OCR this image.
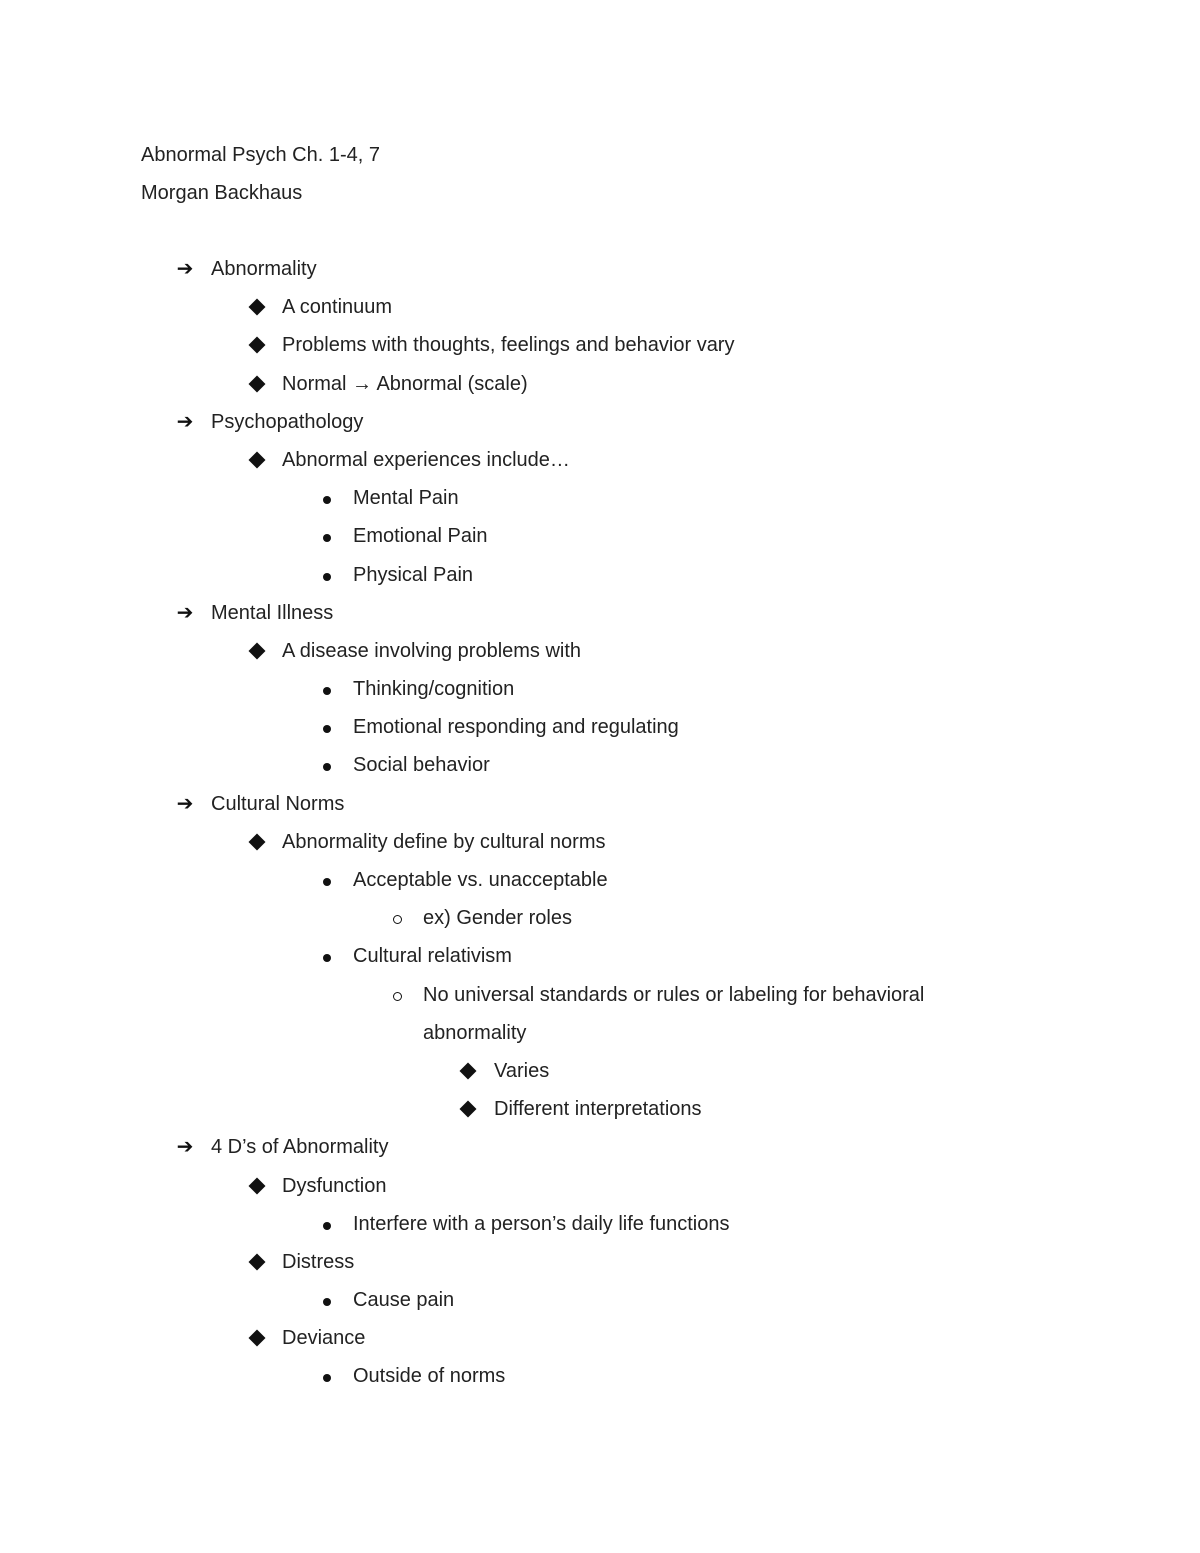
Abnormal Psych Ch. 1-4, 7
Morgan Backhaus
➔ Abnormality
A continuum
Problems with thoughts, feelings and behavior vary
Normal → Abnormal (scale)
➔ Psychopathology
Abnormal experiences include…
Mental Pain
Emotional Pain
Physical Pain
➔ Mental Illness
A disease involving problems with
Thinking/cognition
Emotional responding and regulating
Social behavior
➔ Cultural Norms
Abnormality define by cultural norms
Acceptable vs. unacceptable
ex) Gender roles
Cultural relativism
No universal standards or rules or labeling for behavioral abnormality
Varies
Different interpretations
➔ 4 D’s of Abnormality
Dysfunction
Interfere with a person’s daily life functions
Distress
Cause pain
Deviance
Outside of norms
